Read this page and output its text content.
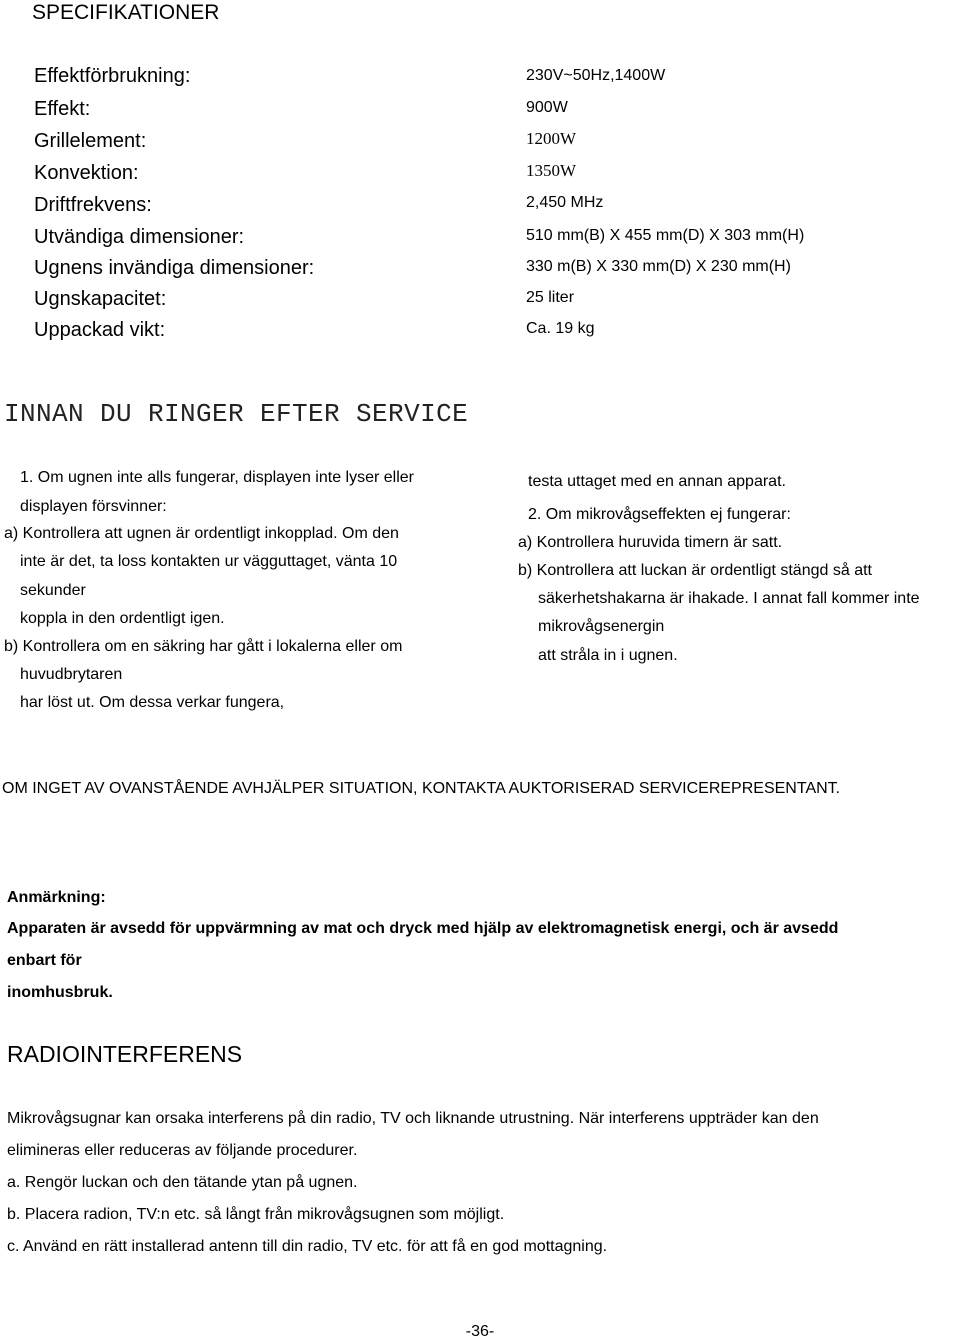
SPECIFIKATIONER
Effektförbrukning:	230V~50Hz,1400W
Effekt:	900W
Grillelement:	1200W
Konvektion:	1350W
Driftfrekvens:	2,450 MHz
Utvändiga dimensioner:	510 mm(B) X 455 mm(D) X 303 mm(H)
Ugnens invändiga dimensioner:	330 m(B) X 330 mm(D) X 230 mm(H)
Ugnskapacitet:	25 liter
Uppackad vikt:	Ca. 19 kg
INNAN DU RINGER EFTER SERVICE
1. Om ugnen inte alls fungerar, displayen inte lyser eller
displayen försvinner:
a) Kontrollera att ugnen är ordentligt inkopplad. Om den
inte är det, ta loss kontakten ur vägguttaget, vänta 10
sekunder
koppla in den ordentligt igen.
b) Kontrollera om en säkring har gått i lokalerna eller om
huvudbrytaren
har löst ut. Om dessa verkar fungera,
testa uttaget med en annan apparat.
2. Om mikrovågseffekten ej fungerar:
a) Kontrollera huruvida timern är satt.
b) Kontrollera att luckan är ordentligt stängd så att
säkerhetshakarna är ihakade. I annat fall kommer inte
mikrovågsenergin
att stråla in i ugnen.
OM INGET AV OVANSTÅENDE AVHJÄLPER SITUATION, KONTAKTA AUKTORISERAD SERVICEREPRESENTANT.
Anmärkning:
Apparaten är avsedd för uppvärmning av mat och dryck med hjälp av elektromagnetisk energi, och är avsedd
enbart för
inomhusbruk.
RADIOINTERFERENS
Mikrovågsugnar kan orsaka interferens på din radio, TV och liknande utrustning. När interferens uppträder kan den
elimineras eller reduceras av följande procedurer.
a. Rengör luckan och den tätande ytan på ugnen.
b. Placera radion, TV:n etc. så långt från mikrovågsugnen som möjligt.
c. Använd en rätt installerad antenn till din radio, TV etc. för att få en god mottagning.
-36-
